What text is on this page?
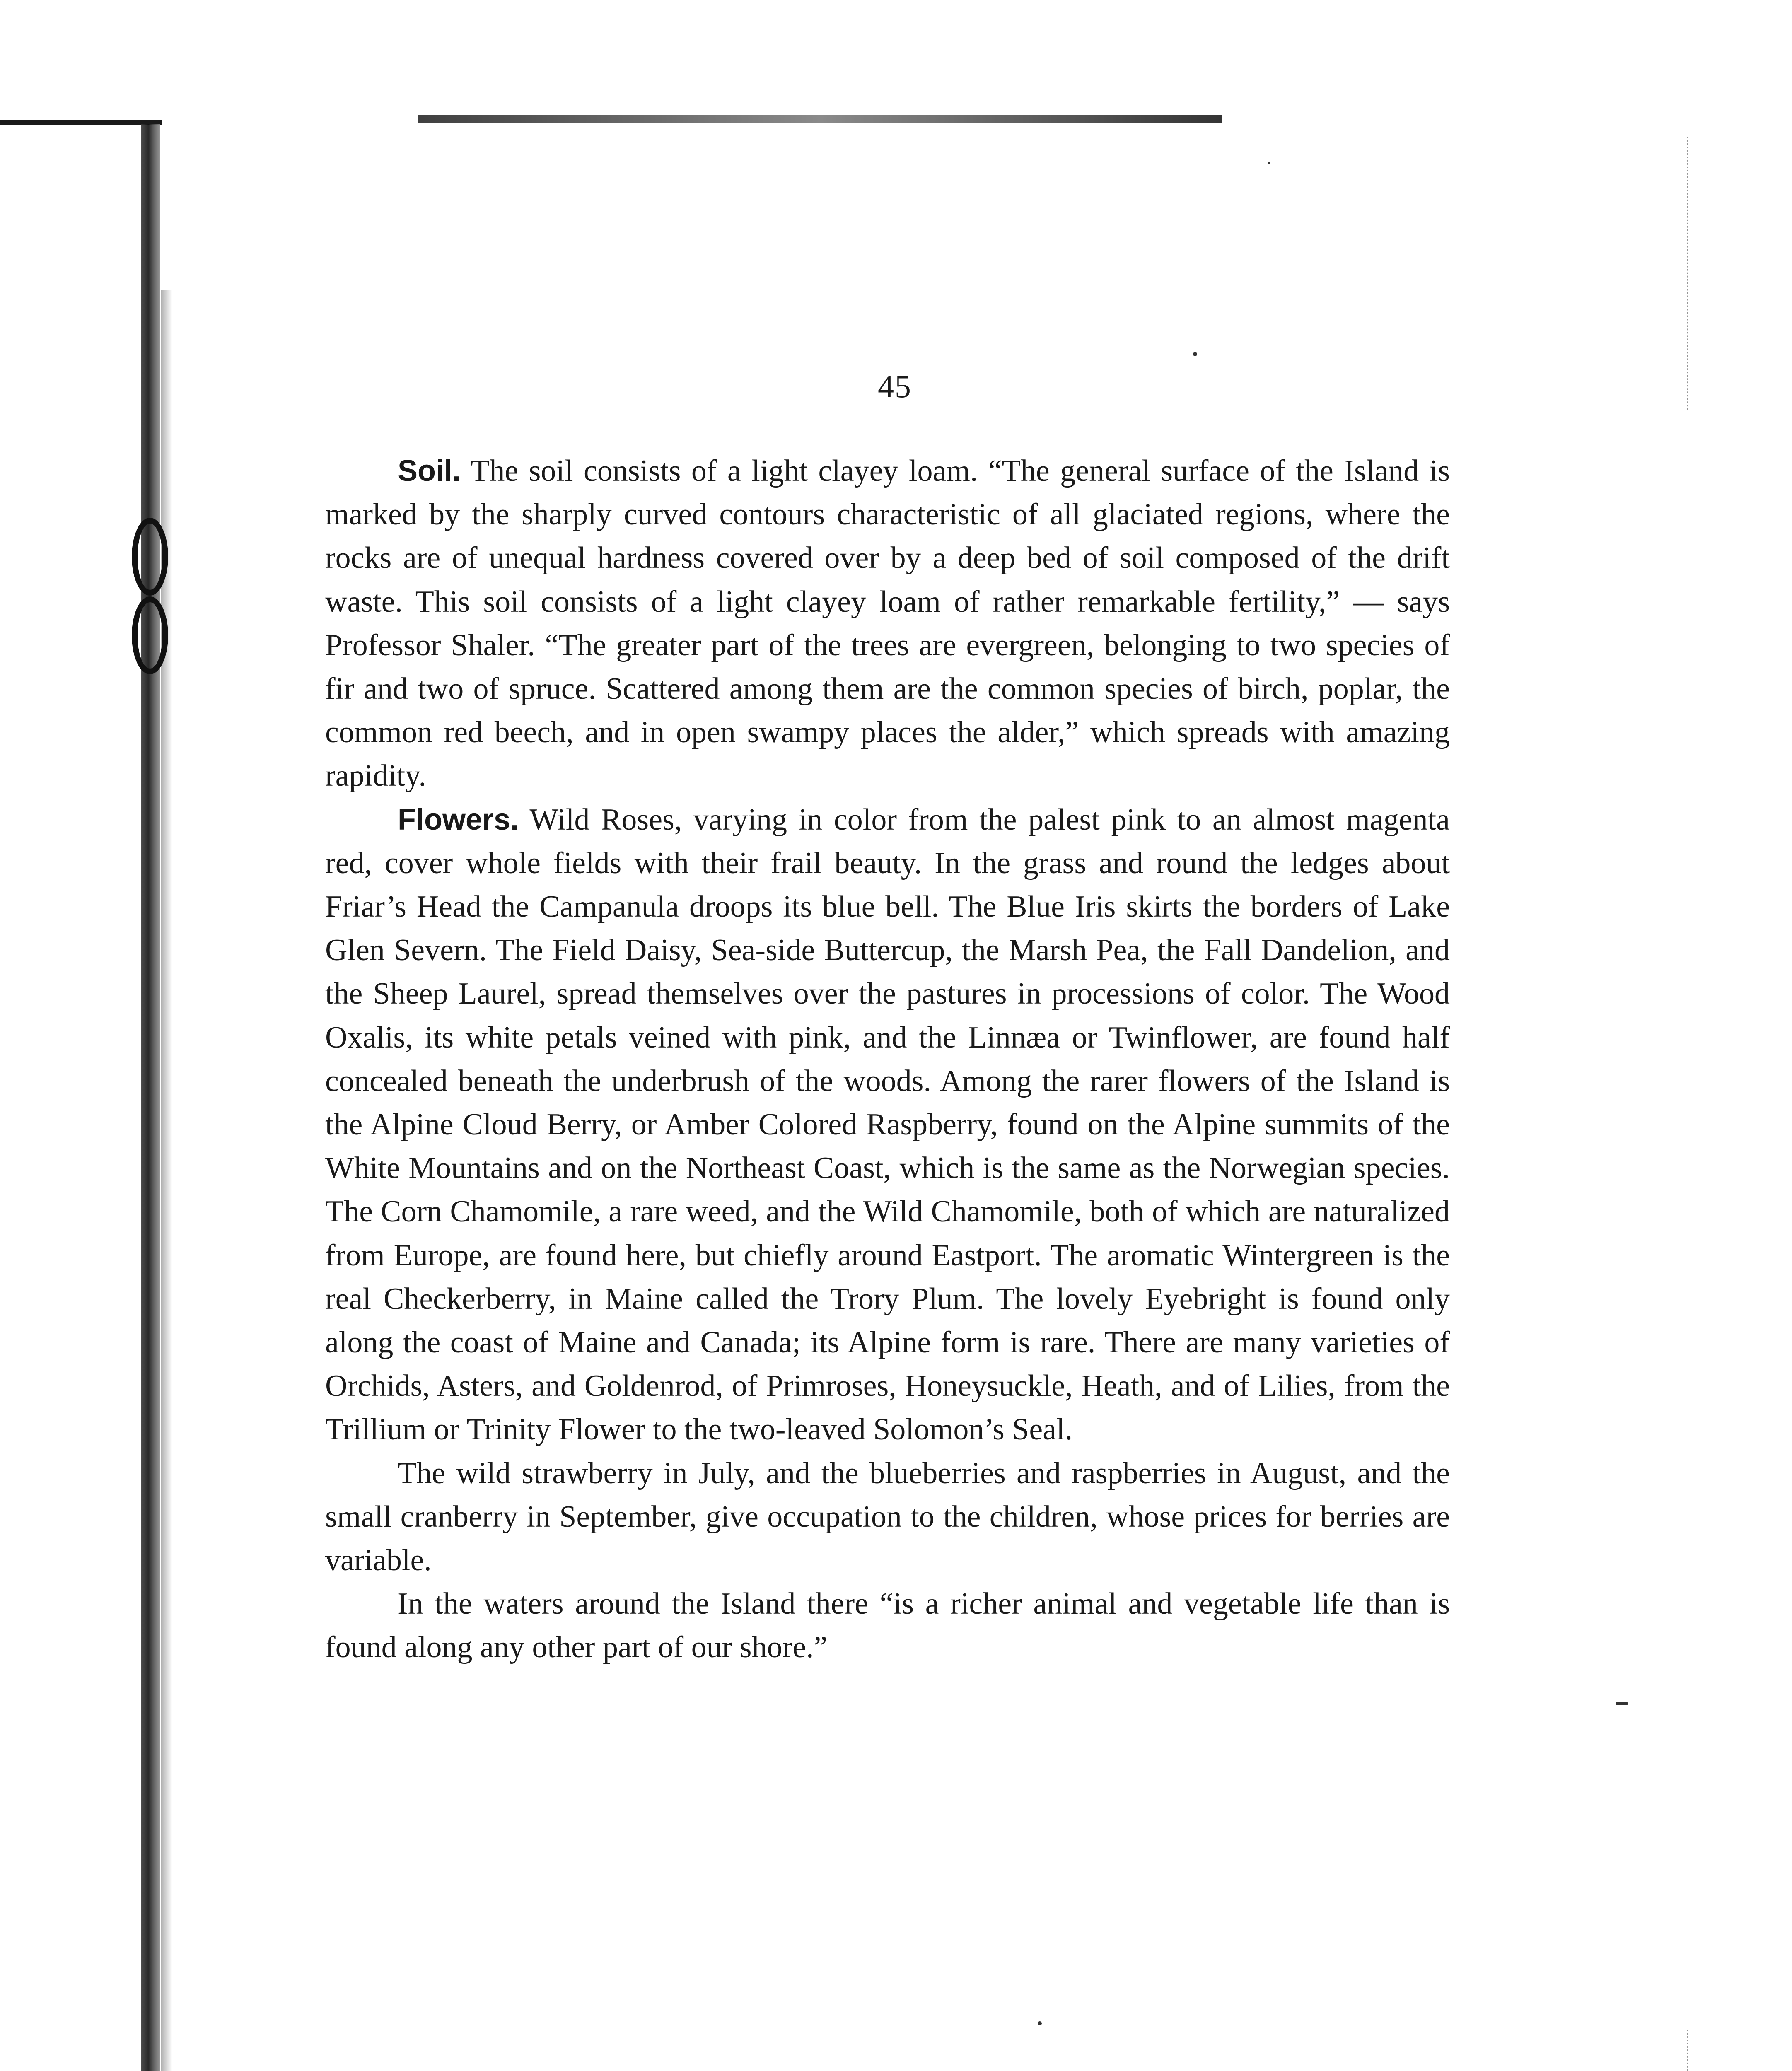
45

Soil. The soil consists of a light clayey loam. “The general surface of the Island is marked by the sharply curved contours characteristic of all glaciated regions, where the rocks are of unequal hardness covered over by a deep bed of soil composed of the drift waste. This soil consists of a light clayey loam of rather remarkable fertility,” — says Professor Shaler. “The greater part of the trees are evergreen, belonging to two species of fir and two of spruce. Scattered among them are the common species of birch, poplar, the common red beech, and in open swampy places the alder,” which spreads with amazing rapidity.

Flowers. Wild Roses, varying in color from the palest pink to an almost magenta red, cover whole fields with their frail beauty. In the grass and round the ledges about Friar’s Head the Campanula droops its blue bell. The Blue Iris skirts the borders of Lake Glen Severn. The Field Daisy, Sea-side Buttercup, the Marsh Pea, the Fall Dandelion, and the Sheep Laurel, spread themselves over the pastures in processions of color. The Wood Oxalis, its white petals veined with pink, and the Linnæa or Twinflower, are found half concealed beneath the underbrush of the woods. Among the rarer flowers of the Island is the Alpine Cloud Berry, or Amber Colored Raspberry, found on the Alpine summits of the White Mountains and on the Northeast Coast, which is the same as the Norwegian species. The Corn Chamomile, a rare weed, and the Wild Chamomile, both of which are naturalized from Europe, are found here, but chiefly around Eastport. The aromatic Wintergreen is the real Checkerberry, in Maine called the Trory Plum. The lovely Eyebright is found only along the coast of Maine and Canada; its Alpine form is rare. There are many varieties of Orchids, Asters, and Goldenrod, of Primroses, Honeysuckle, Heath, and of Lilies, from the Trillium or Trinity Flower to the two-leaved Solomon’s Seal.

The wild strawberry in July, and the blueberries and raspberries in August, and the small cranberry in September, give occupation to the children, whose prices for berries are variable.

In the waters around the Island there “is a richer animal and vegetable life than is found along any other part of our shore.”
